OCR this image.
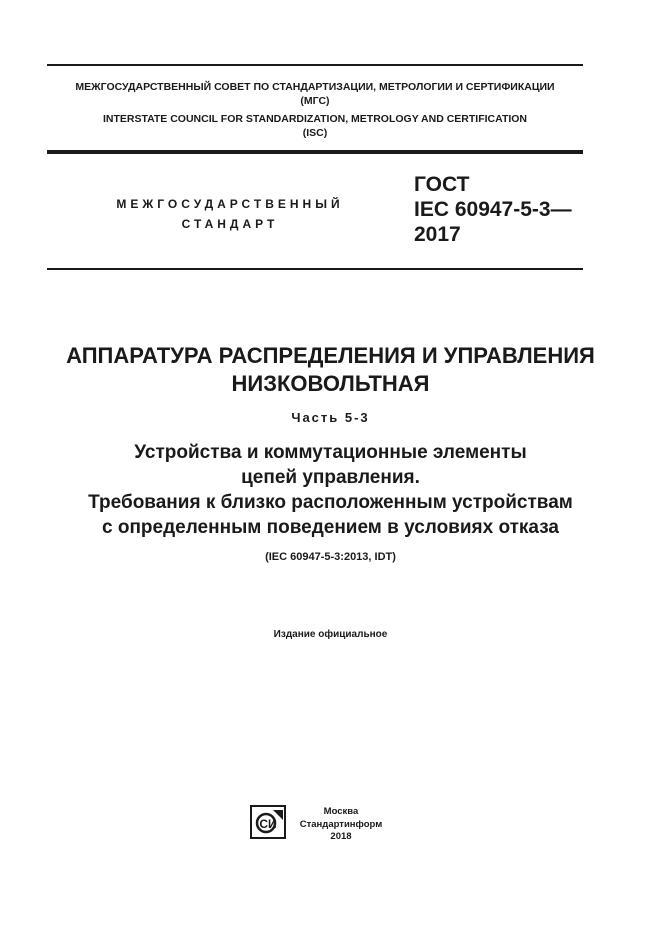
МЕЖГОСУДАРСТВЕННЫЙ СОВЕТ ПО СТАНДАРТИЗАЦИИ, МЕТРОЛОГИИ И СЕРТИФИКАЦИИ
(МГС)
INTERSTATE COUNCIL FOR STANDARDIZATION, METROLOGY AND CERTIFICATION
(ISC)
МЕЖГОСУДАРСТВЕННЫЙ
СТАНДАРТ
ГОСТ
IEC 60947-5-3—
2017
АППАРАТУРА РАСПРЕДЕЛЕНИЯ И УПРАВЛЕНИЯ
НИЗКОВОЛЬТНАЯ
Часть 5-3
Устройства и коммутационные элементы
цепей управления.
Требования к близко расположенным устройствам
с определенным поведением в условиях отказа
(IEC 60947-5-3:2013, IDT)
Издание официальное
СИ
Москва
Стандартинформ
2018
